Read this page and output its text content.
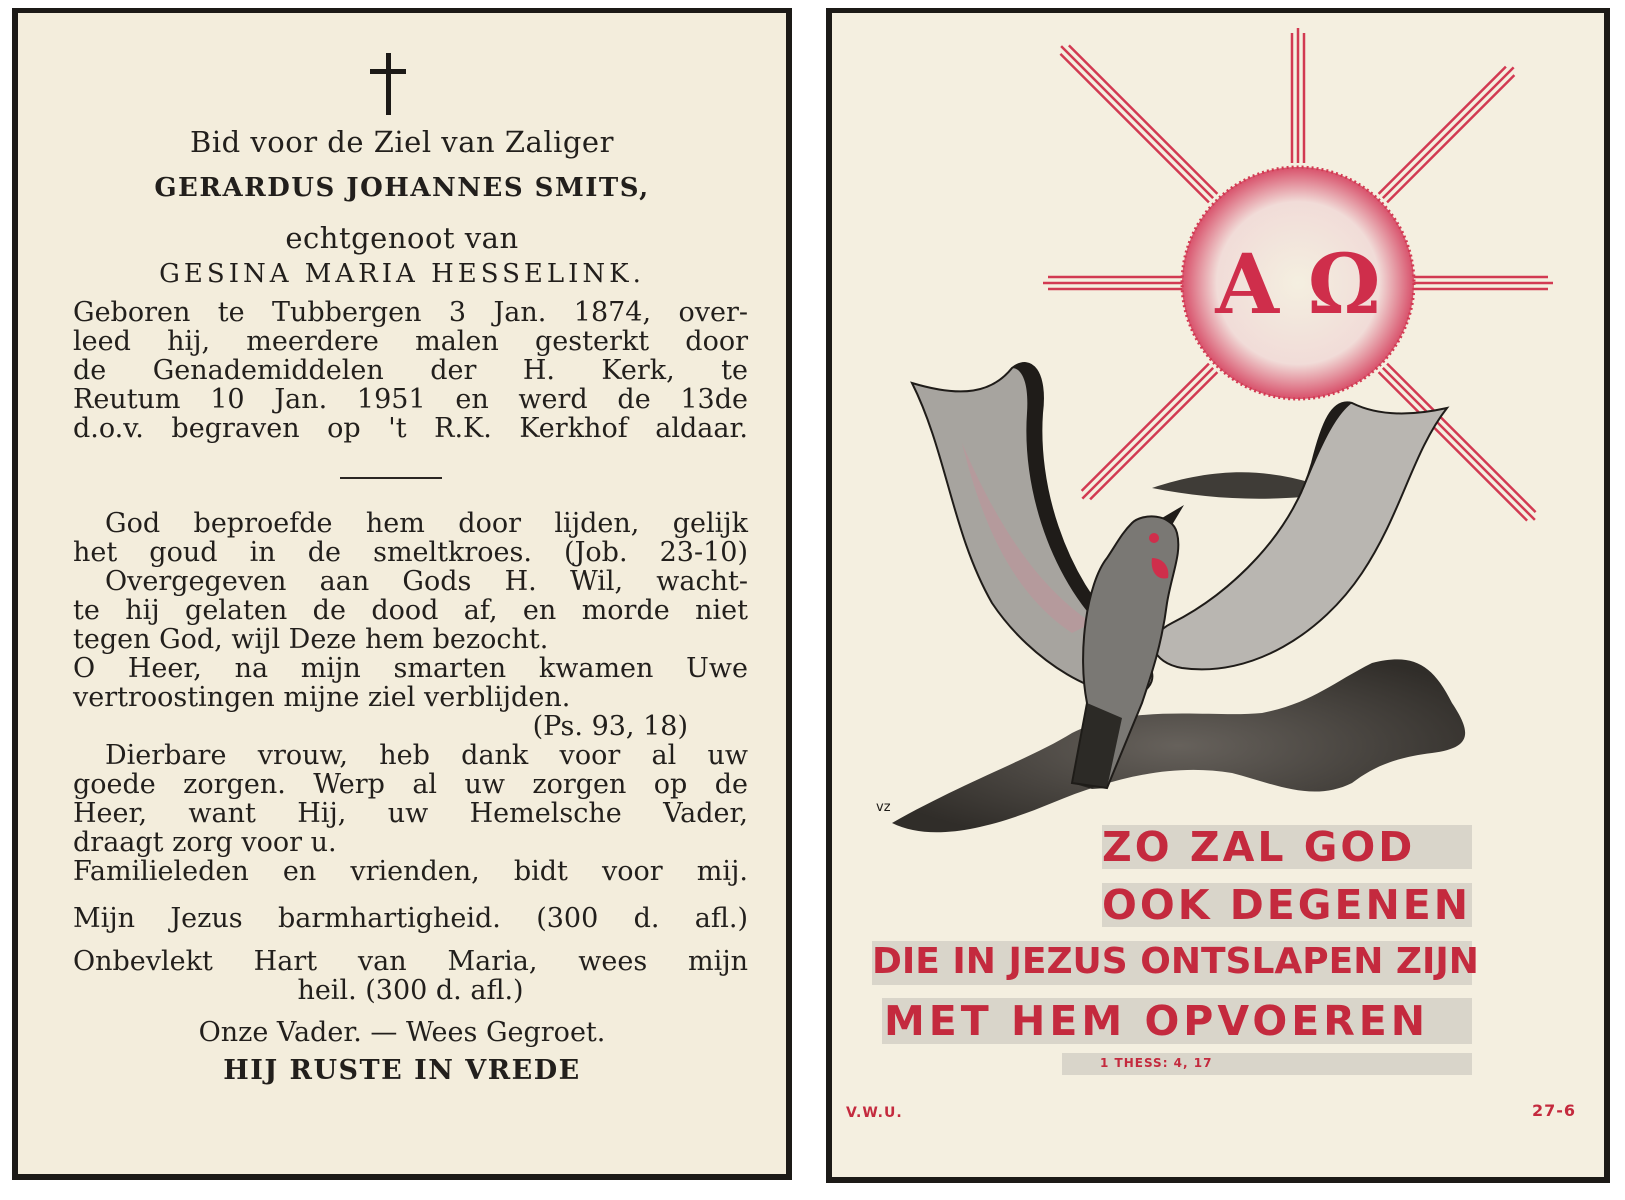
Bid voor de Ziel van Zaliger
GERARDUS JOHANNES SMITS,
echtgenoot van
GESINA MARIA HESSELINK.
Geboren te Tubbergen 3 Jan. 1874, over-
leed hij, meerdere malen gesterkt door
de Genademiddelen der H. Kerk, te
Reutum 10 Jan. 1951 en werd de 13de
d.o.v. begraven op 't R.K. Kerkhof aldaar.
God beproefde hem door lijden, gelijk
het goud in de smeltkroes. (Job. 23-10)
Overgegeven aan Gods H. Wil, wacht-
te hij gelaten de dood af, en morde niet
tegen God, wijl Deze hem bezocht.
O Heer, na mijn smarten kwamen Uwe
vertroostingen mijne ziel verblijden.
(Ps. 93, 18)
Dierbare vrouw, heb dank voor al uw
goede zorgen. Werp al uw zorgen op de
Heer, want Hij, uw Hemelsche Vader,
draagt zorg voor u.
Familieleden en vrienden, bidt voor mij.
Mijn Jezus barmhartigheid. (300 d. afl.)
Onbevlekt Hart van Maria, wees mijn
heil. (300 d. afl.)
Onze Vader. — Wees Gegroet.
HIJ RUSTE IN VREDE
A Ω
vz
ZO ZAL GOD
OOK DEGENEN
DIE IN JEZUS ONTSLAPEN ZIJN
MET HEM OPVOEREN
1 THESS: 4, 17
V.W.U.	27-6
